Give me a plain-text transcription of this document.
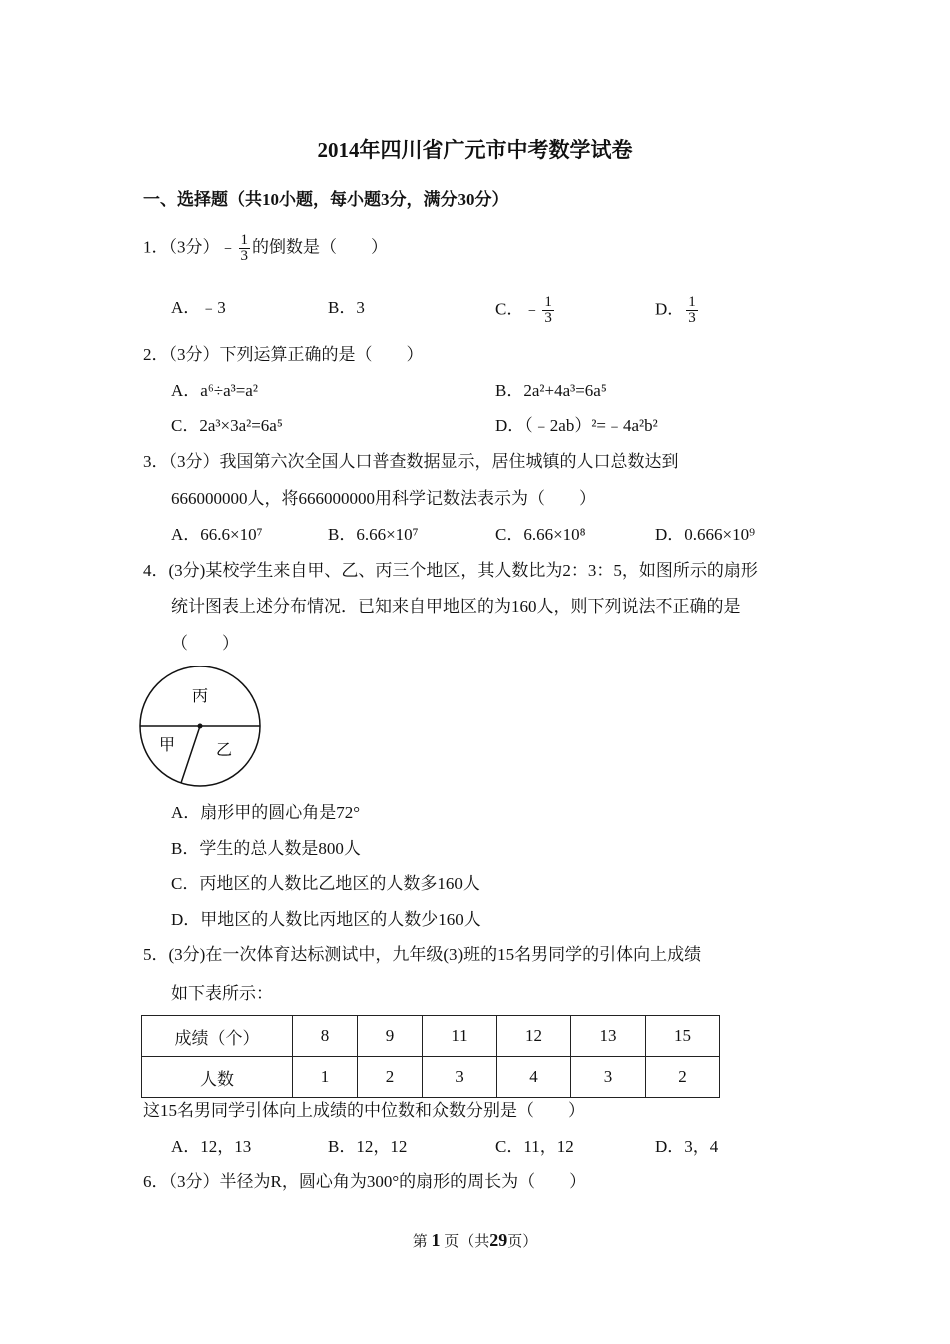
2014年四川省广元市中考数学试卷
一、选择题（共10小题，每小题3分，满分30分）
1．（3分）﹣ $\frac{1}{3}$ 的倒数是（　　）
A．﹣3	B．3	C．﹣ $\frac{1}{3}$	D． $\frac{1}{3}$
2．（3分）下列运算正确的是（　　）
A．a⁶÷a³=a²	B．2a²+4a³=6a⁵
C．2a³×3a²=6a⁵	D．（﹣2ab）²=﹣4a²b²
3．（3分）我国第六次全国人口普查数据显示，居住城镇的人口总数达到
666000000人，将666000000用科学记数法表示为（　　）
A．66.6×10⁷	B．6.66×10⁷	C．6.66×10⁸	D．0.666×10⁹
4．(3分)某校学生来自甲、乙、丙三个地区，其人数比为2：3：5，如图所示的扇形
统计图表上述分布情况．已知来自甲地区的为160人，则下列说法不正确的是
（　　）
丙
甲	乙
A．扇形甲的圆心角是72°
B．学生的总人数是800人
C．丙地区的人数比乙地区的人数多160人
D．甲地区的人数比丙地区的人数少160人
5．(3分)在一次体育达标测试中，九年级(3)班的15名男同学的引体向上成绩
如下表所示：
成绩（个）	8	9	11	12	13	15
人数	1	2	3	4	3	2
这15名男同学引体向上成绩的中位数和众数分别是（　　）
A．12，13	B．12，12	C．11，12	D．3，4
6．（3分）半径为R，圆心角为300°的扇形的周长为（　　）
第 1 页（共29页）
